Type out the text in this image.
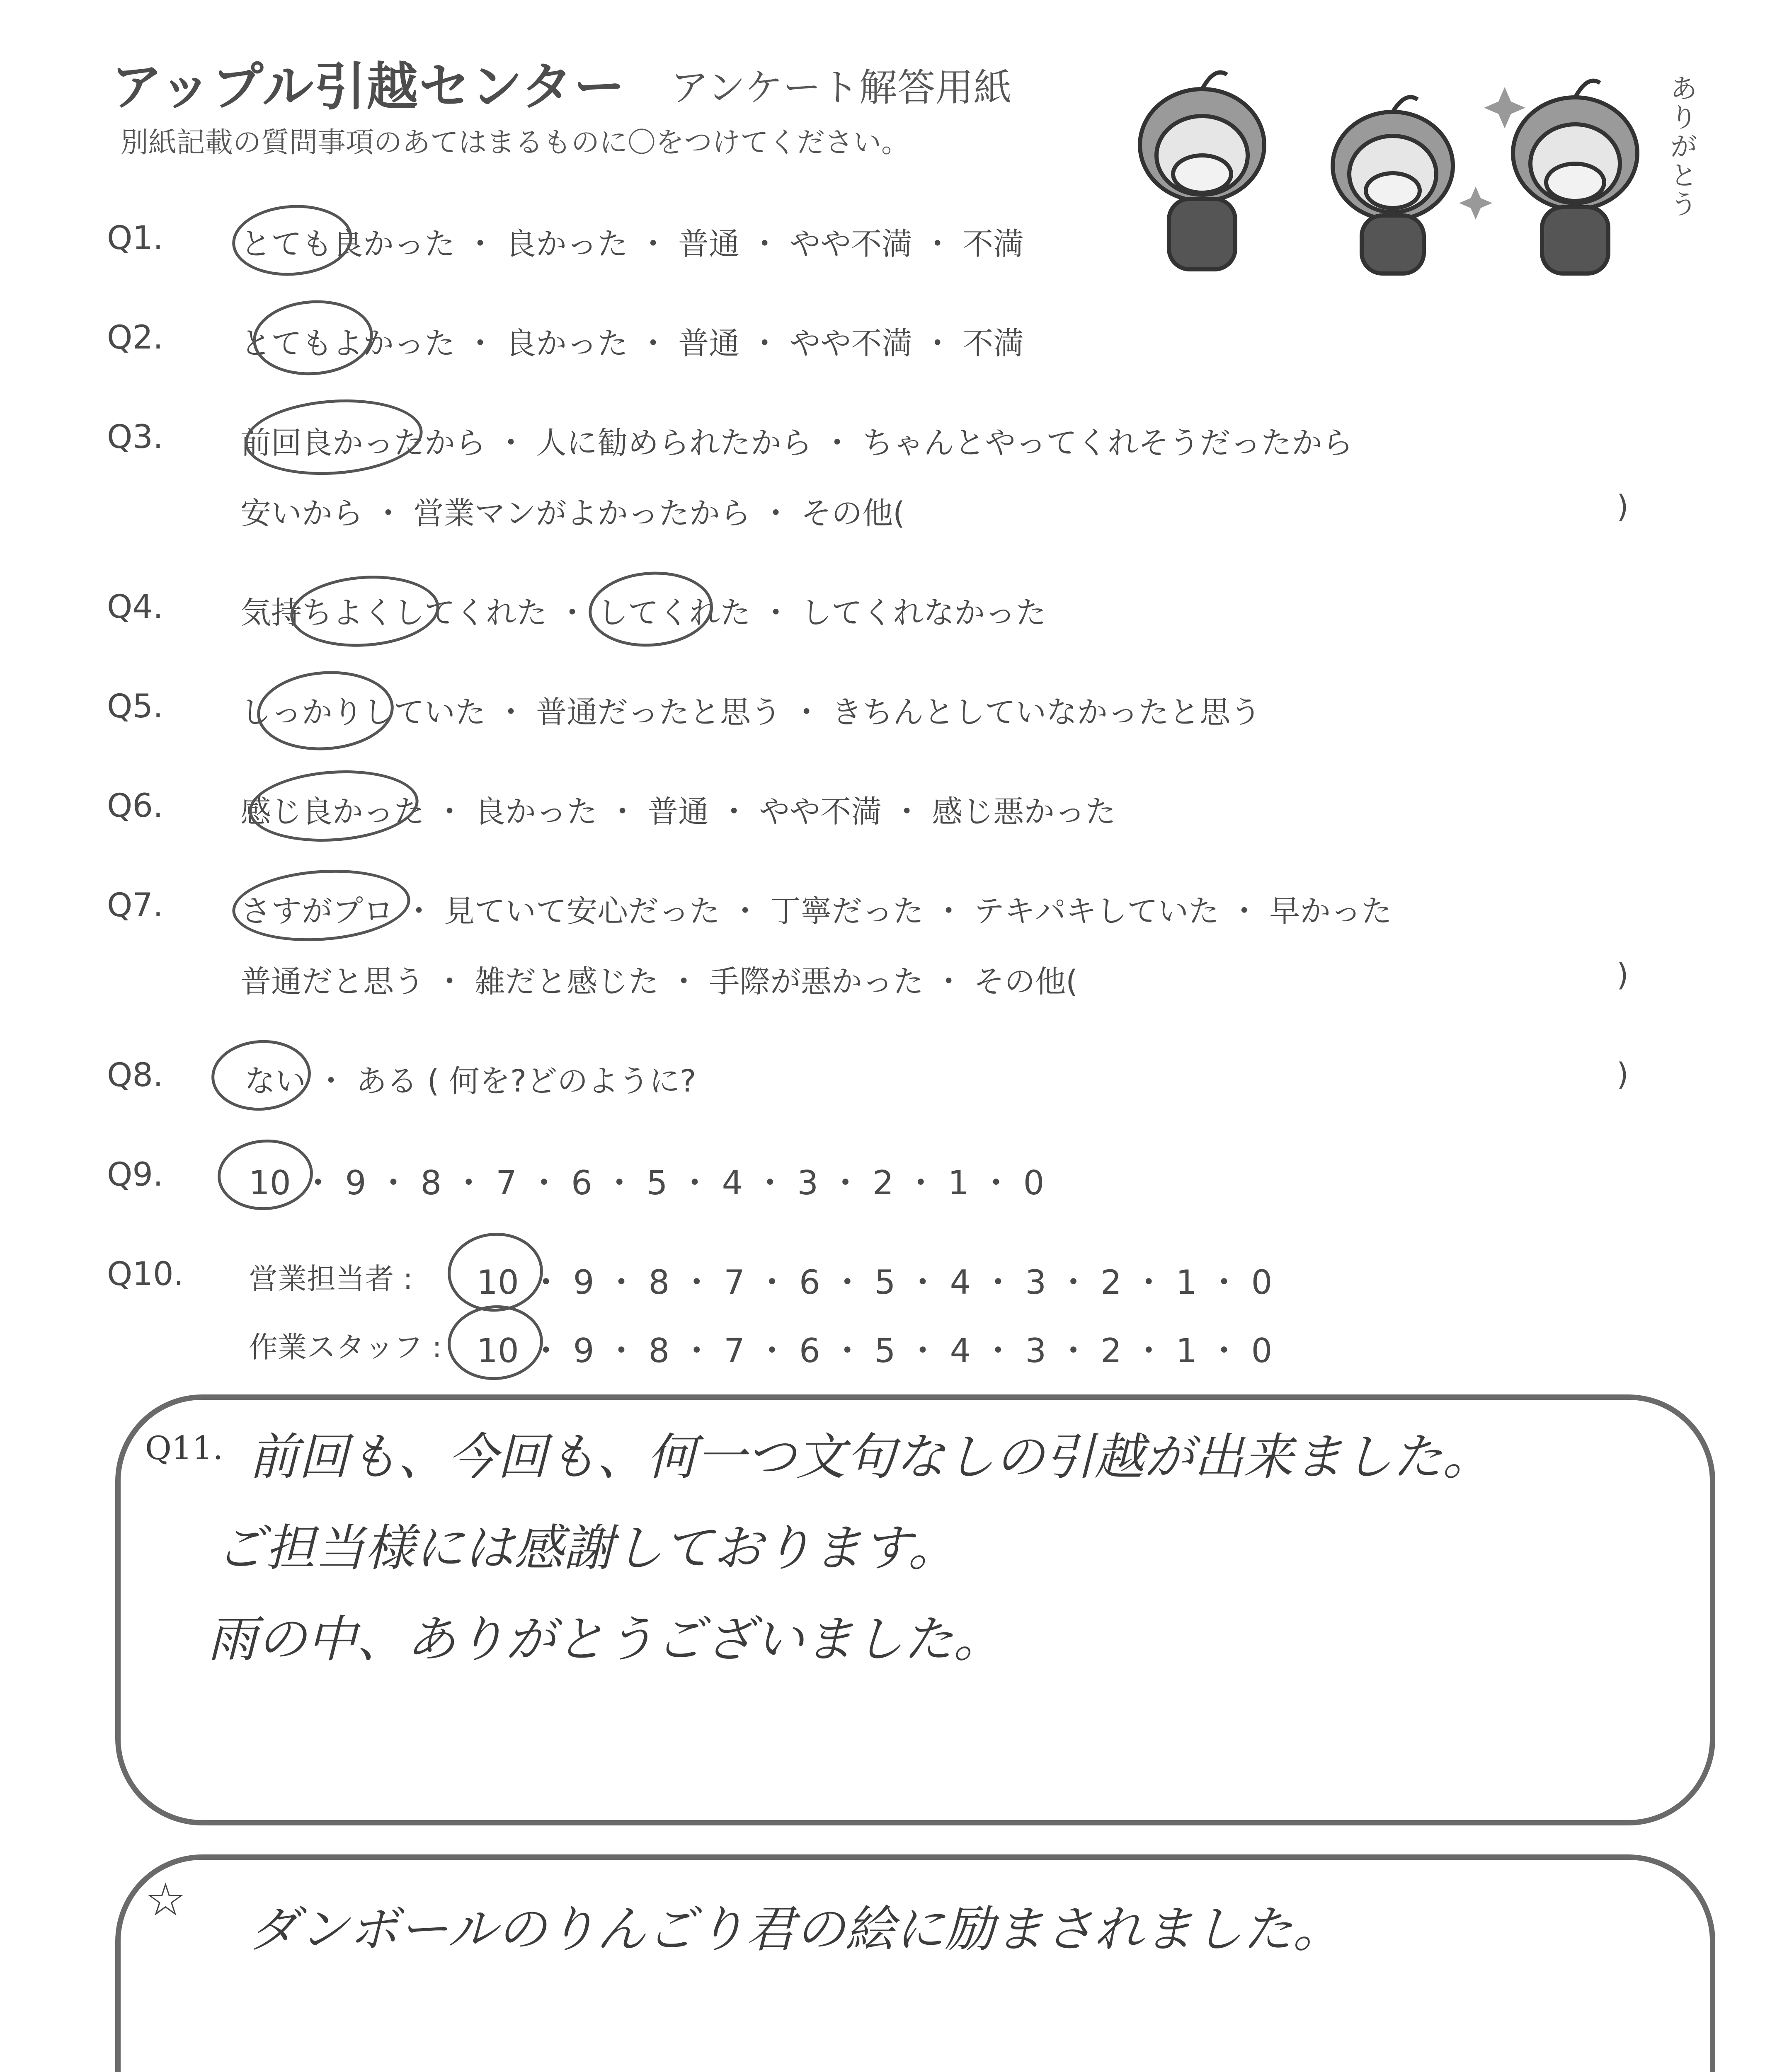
アップル引越センター アンケート解答用紙
別紙記載の質問事項のあてはまるものに〇をつけてください。
ありがとう
Q1.	とても良かった ・ 良かった ・ 普通 ・ やや不満 ・ 不満
Q2.	とてもよかった ・ 良かった ・ 普通 ・ やや不満 ・ 不満
Q3.	前回良かったから ・ 人に勧められたから ・ ちゃんとやってくれそうだったから
安いから ・ 営業マンがよかったから ・ その他(	)
Q4.	気持ちよくしてくれた ・ してくれた ・ してくれなかった
Q5.	しっかりしていた ・ 普通だったと思う ・ きちんとしていなかったと思う
Q6.	感じ良かった ・ 良かった ・ 普通 ・ やや不満 ・ 感じ悪かった
Q7.	さすがプロ ・ 見ていて安心だった ・ 丁寧だった ・ テキパキしていた ・ 早かった
普通だと思う ・ 雑だと感じた ・ 手際が悪かった ・ その他(	)
Q8.	ない ・ ある ( 何を?どのように?	)
Q9.	10 ・ 9 ・ 8 ・ 7 ・ 6 ・ 5 ・ 4 ・ 3 ・ 2 ・ 1 ・ 0
Q10. 営業担当者 : 10 ・ 9 ・ 8 ・ 7 ・ 6 ・ 5 ・ 4 ・ 3 ・ 2 ・ 1 ・ 0
作業スタッフ : 10 ・ 9 ・ 8 ・ 7 ・ 6 ・ 5 ・ 4 ・ 3 ・ 2 ・ 1 ・ 0
Q11. 前回も、今回も、何一つ文句なしの引越が出来ました。
ご担当様には感謝しております。
雨の中、ありがとうございました。
☆
ダンボールのりんごり君の絵に励まされました。
